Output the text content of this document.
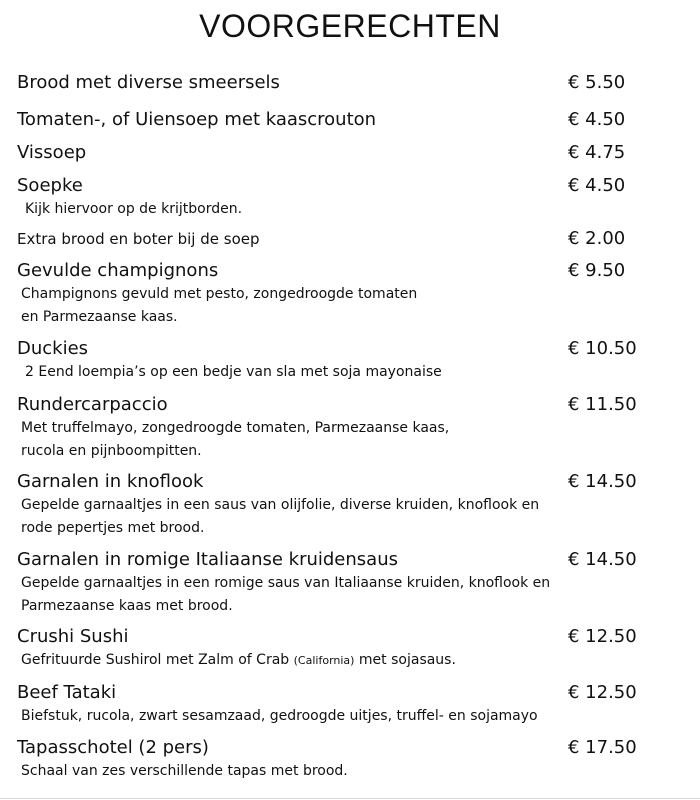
VOORGERECHTEN
Brood met diverse smeersels	€ 5.50
Tomaten-, of Uiensoep met kaascrouton	€ 4.50
Vissoep	€ 4.75
Soepke	€ 4.50
Kijk hiervoor op de krijtborden.
Extra brood en boter bij de soep	€ 2.00
Gevulde champignons	€ 9.50
Champignons gevuld met pesto, zongedroogde tomaten
en Parmezaanse kaas.
Duckies	€ 10.50
2 Eend loempia’s op een bedje van sla met soja mayonaise
Rundercarpaccio	€ 11.50
Met truffelmayo, zongedroogde tomaten, Parmezaanse kaas,
rucola en pijnboompitten.
Garnalen in knoflook	€ 14.50
Gepelde garnaaltjes in een saus van olijfolie, diverse kruiden, knoflook en
rode pepertjes met brood.
Garnalen in romige Italiaanse kruidensaus	€ 14.50
Gepelde garnaaltjes in een romige saus van Italiaanse kruiden, knoflook en
Parmezaanse kaas met brood.
Crushi Sushi	€ 12.50
Gefrituurde Sushirol met Zalm of Crab (California) met sojasaus.
Beef Tataki	€ 12.50
Biefstuk, rucola, zwart sesamzaad, gedroogde uitjes, truffel- en sojamayo
Tapasschotel (2 pers)	€ 17.50
Schaal van zes verschillende tapas met brood.
